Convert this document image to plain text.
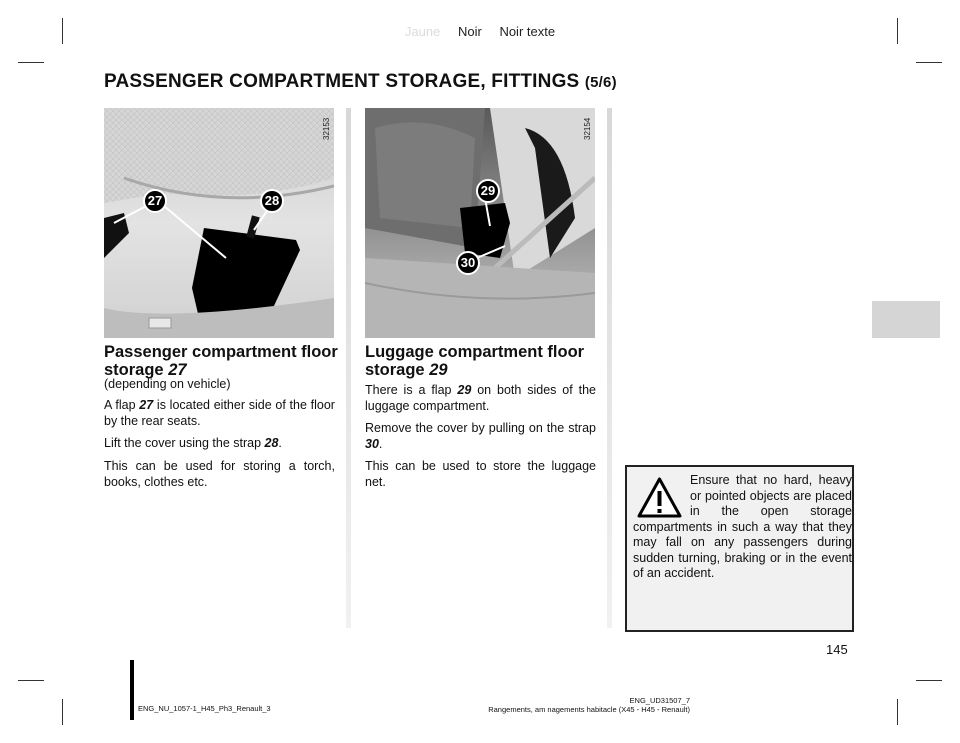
Jaune Noir Noir texte
PASSENGER COMPARTMENT STORAGE, FITTINGS (5/6)
27	28
32153
29
30
32154
Passenger compartment floor storage 27
(depending on vehicle)
A flap 27 is located either side of the floor by the rear seats.
Lift the cover using the strap 28.
This can be used for storing a torch, books, clothes etc.
Luggage compartment floor storage 29
There is a flap 29 on both sides of the luggage compartment.
Remove the cover by pulling on the strap 30.
This can be used to store the luggage net.	Ensure that no hard, heavy or pointed objects are placed in the open storage compartments in such a way that they may fall on any passengers during sudden turning, braking or in the event of an accident.
145
ENG_NU_1057-1_H45_Ph3_Renault_3
ENG_UD31507_7
Rangements, am nagements habitacle (X45 - H45 - Renault)
